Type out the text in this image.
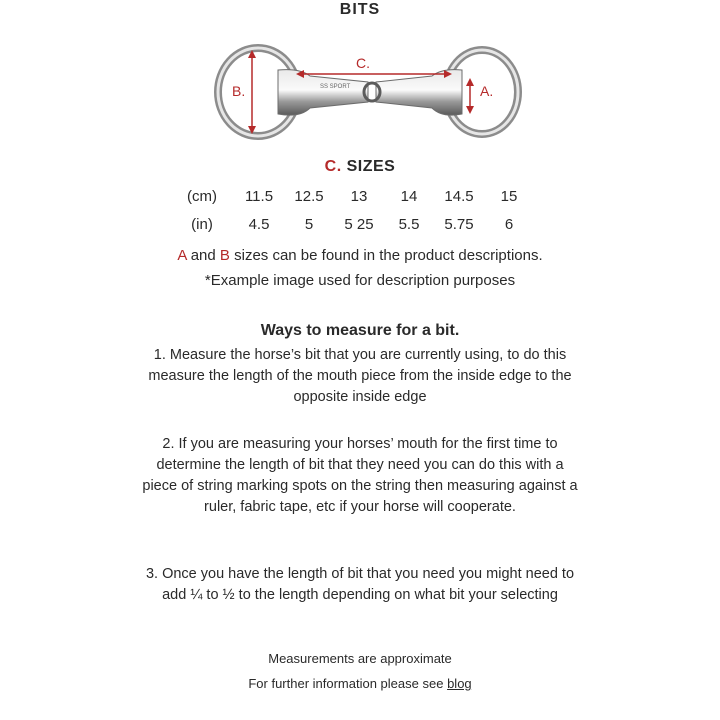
BITS
SS SPORT
B.
C.
A.
C. SIZES
(cm)	11.5	12.5	13	14	14.5	15
(in)	4.5	5	5 25	5.5	5.75	6
A and B sizes can be found in the product descriptions.
*Example image used for description purposes
Ways to measure for a bit.
1. Measure the horse’s bit that you are currently using, to do this measure the length of the mouth piece from the inside edge to the opposite inside edge
2. If you are measuring your horses’ mouth for the first time to determine the length of bit that they need you can do this with a piece of string marking spots on the string then measuring against a ruler, fabric tape, etc if your horse will cooperate.
3. Once you have the length of bit that you need you might need to add ¼ to ½ to the length depending on what bit your selecting
Measurements are approximate
For further information please see blog
